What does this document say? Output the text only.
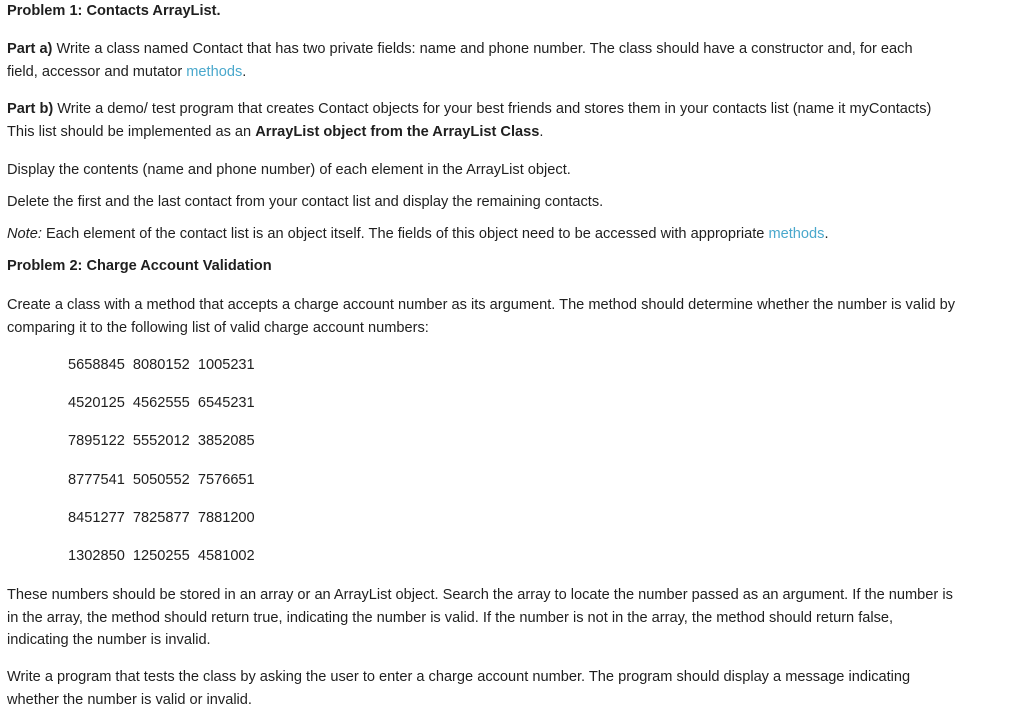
Problem 1: Contacts ArrayList.
Part a) Write a class named Contact that has two private fields: name and phone number. The class should have a constructor and, for each
field, accessor and mutator methods.
Part b) Write a demo/ test program that creates Contact objects for your best friends and stores them in your contacts list (name it myContacts)
This list should be implemented as an ArrayList object from the ArrayList Class.
Display the contents (name and phone number) of each element in the ArrayList object.
Delete the first and the last contact from your contact list and display the remaining contacts.
Note: Each element of the contact list is an object itself. The fields of this object need to be accessed with appropriate methods.
Problem 2: Charge Account Validation
Create a class with a method that accepts a charge account number as its argument. The method should determine whether the number is valid by
comparing it to the following list of valid charge account numbers:
5658845  8080152  1005231
4520125  4562555  6545231
7895122  5552012  3852085
8777541  5050552  7576651
8451277  7825877  7881200
1302850  1250255  4581002
These numbers should be stored in an array or an ArrayList object. Search the array to locate the number passed as an argument. If the number is
in the array, the method should return true, indicating the number is valid. If the number is not in the array, the method should return false,
indicating the number is invalid.
Write a program that tests the class by asking the user to enter a charge account number. The program should display a message indicating
whether the number is valid or invalid.
